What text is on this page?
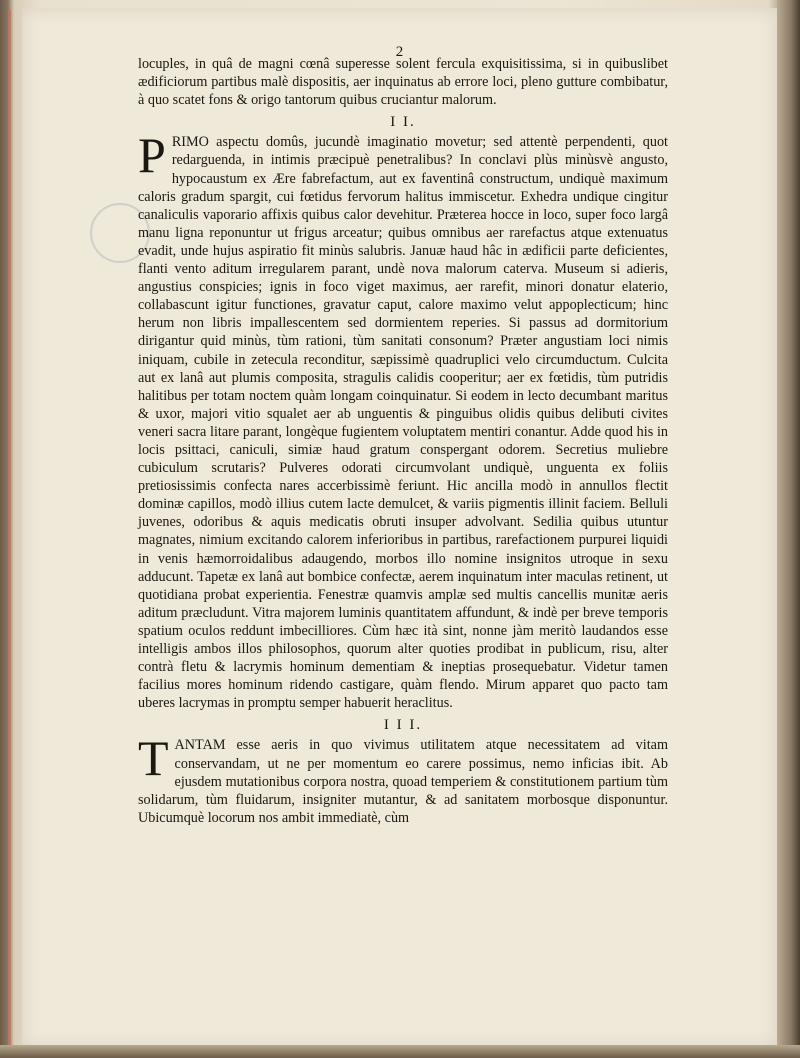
2

locuples, in quâ de magni cœnâ superesse solent fercula exquisitissima, si in quibuslibet ædificiorum partibus malè dispositis, aer inquinatus ab errore loci, pleno gutture combibatur, à quo scatet fons & origo tantorum quibus cruciantur malorum.

I I.

PRIMO aspectu domûs, jucundè imaginatio movetur; sed attentè perpendenti, quot redarguenda, in intimis præcipuè penetralibus? In conclavi plùs minùsvè angusto, hypocaustum ex Ære fabrefactum, aut ex faventinâ constructum, undiquè maximum caloris gradum spargit, cui fœtidus fervorum halitus immiscetur. Exhedra undique cingitur canaliculis vaporario affixis quibus calor devehitur. Præterea hocce in loco, super foco largâ manu ligna reponuntur ut frigus arceatur; quibus omnibus aer rarefactus atque extenuatus evadit, unde hujus aspiratio fit minùs salubris. Januæ haud hâc in ædificii parte deficientes, flanti vento aditum irregularem parant, undè nova malorum caterva. Museum si adieris, angustius conspicies; ignis in foco viget maximus, aer rarefit, minori donatur elaterio, collabascunt igitur functiones, gravatur caput, calore maximo velut appoplecticum; hinc herum non libris impallescentem sed dormientem reperies. Si passus ad dormitorium dirigantur quid minùs, tùm rationi, tùm sanitati consonum? Præter angustiam loci nimis iniquam, cubile in zetecula reconditur, sæpissimè quadruplici velo circumductum. Culcita aut ex lanâ aut plumis composita, stragulis calidis cooperitur; aer ex fœtidis, tùm putridis halitibus per totam noctem quàm longam coinquinatur. Si eodem in lecto decumbant maritus & uxor, majori vitio squalet aer ab unguentis & pinguibus olidis quibus delibuti civites veneri sacra litare parant, longèque fugientem voluptatem mentiri conantur. Adde quod his in locis psittaci, caniculi, simiæ haud gratum conspergant odorem. Secretius muliebre cubiculum scrutaris? Pulveres odorati circumvolant undiquè, unguenta ex foliis pretiosissimis confecta nares accerbissimè feriunt. Hic ancilla modò in annullos flectit dominæ capillos, modò illius cutem lacte demulcet, & variis pigmentis illinit faciem. Belluli juvenes, odoribus & aquis medicatis obruti insuper advolvant. Sedilia quibus utuntur magnates, nimium excitando calorem inferioribus in partibus, rarefactionem purpurei liquidi in venis hæmorroidalibus adaugendo, morbos illo nomine insignitos utroque in sexu adducunt. Tapetæ ex lanâ aut bombice confectæ, aerem inquinatum inter maculas retinent, ut quotidiana probat experientia. Fenestræ quamvis amplæ sed multis cancellis munitæ aeris aditum præcludunt. Vitra majorem luminis quantitatem affundunt, & indè per breve temporis spatium oculos reddunt imbecilliores. Cùm hæc ità sint, nonne jàm meritò laudandos esse intelligis ambos illos philosophos, quorum alter quoties prodibat in publicum, risu, alter contrà fletu & lacrymis hominum dementiam & ineptias prosequebatur. Videtur tamen facilius mores hominum ridendo castigare, quàm flendo. Mirum apparet quo pacto tam uberes lacrymas in promptu semper habuerit heraclitus.

I I I.

TANTAM esse aeris in quo vivimus utilitatem atque necessitatem ad vitam conservandam, ut ne per momentum eo carere possimus, nemo inficias ibit. Ab ejusdem mutationibus corpora nostra, quoad temperiem & constitutionem partium tùm solidarum, tùm fluidarum, insigniter mutantur, & ad sanitatem morbosque disponuntur. Ubicumquè locorum nos ambit immediatè, cùm
